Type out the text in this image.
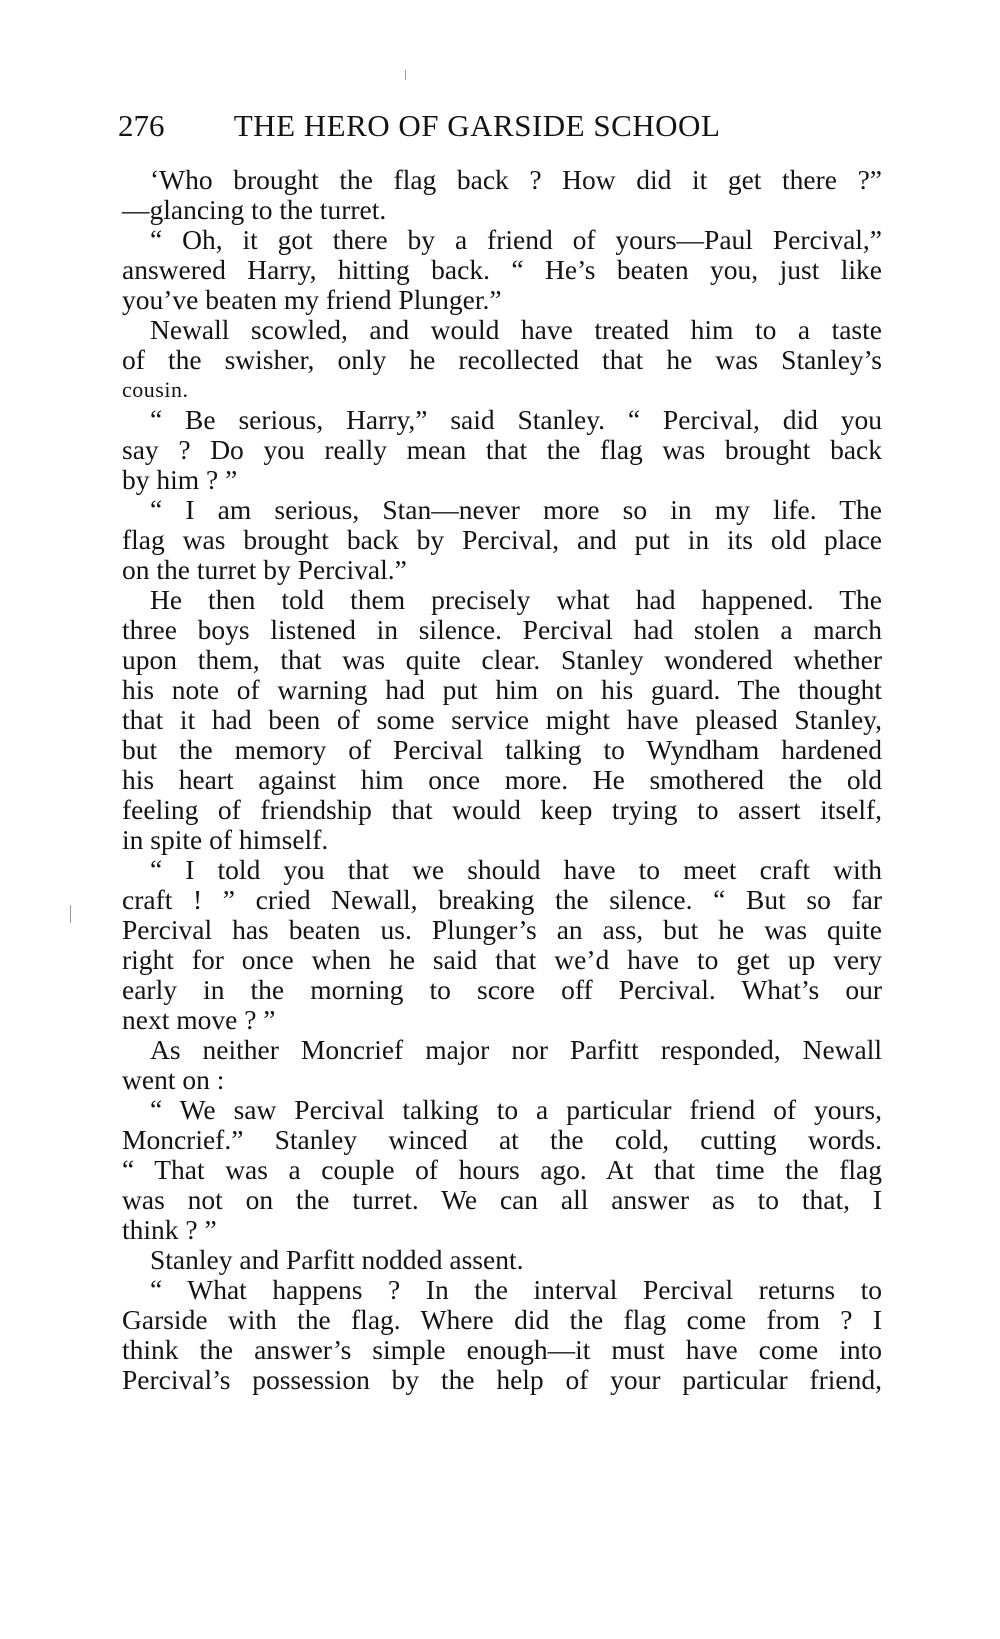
276 THE HERO OF GARSIDE SCHOOL
‘Who brought the flag back ? How did it get there ?”
—glancing to the turret.
“ Oh, it got there by a friend of yours—Paul Percival,”
answered Harry, hitting back. “ He’s beaten you, just like
you’ve beaten my friend Plunger.”
Newall scowled, and would have treated him to a taste
of the swisher, only he recollected that he was Stanley’s
cousin.
“ Be serious, Harry,” said Stanley. “ Percival, did you
say ? Do you really mean that the flag was brought back
by him ? ”
“ I am serious, Stan—never more so in my life. The
flag was brought back by Percival, and put in its old place
on the turret by Percival.”
He then told them precisely what had happened. The
three boys listened in silence. Percival had stolen a march
upon them, that was quite clear. Stanley wondered whether
his note of warning had put him on his guard. The thought
that it had been of some service might have pleased Stanley,
but the memory of Percival talking to Wyndham hardened
his heart against him once more. He smothered the old
feeling of friendship that would keep trying to assert itself,
in spite of himself.
“ I told you that we should have to meet craft with
craft ! ” cried Newall, breaking the silence. “ But so far
Percival has beaten us. Plunger’s an ass, but he was quite
right for once when he said that we’d have to get up very
early in the morning to score off Percival. What’s our
next move ? ”
As neither Moncrief major nor Parfitt responded, Newall
went on :
“ We saw Percival talking to a particular friend of yours,
Moncrief.” Stanley winced at the cold, cutting words.
“ That was a couple of hours ago. At that time the flag
was not on the turret. We can all answer as to that, I
think ? ”
Stanley and Parfitt nodded assent.
“ What happens ? In the interval Percival returns to
Garside with the flag. Where did the flag come from ? I
think the answer’s simple enough—it must have come into
Percival’s possession by the help of your particular friend,
